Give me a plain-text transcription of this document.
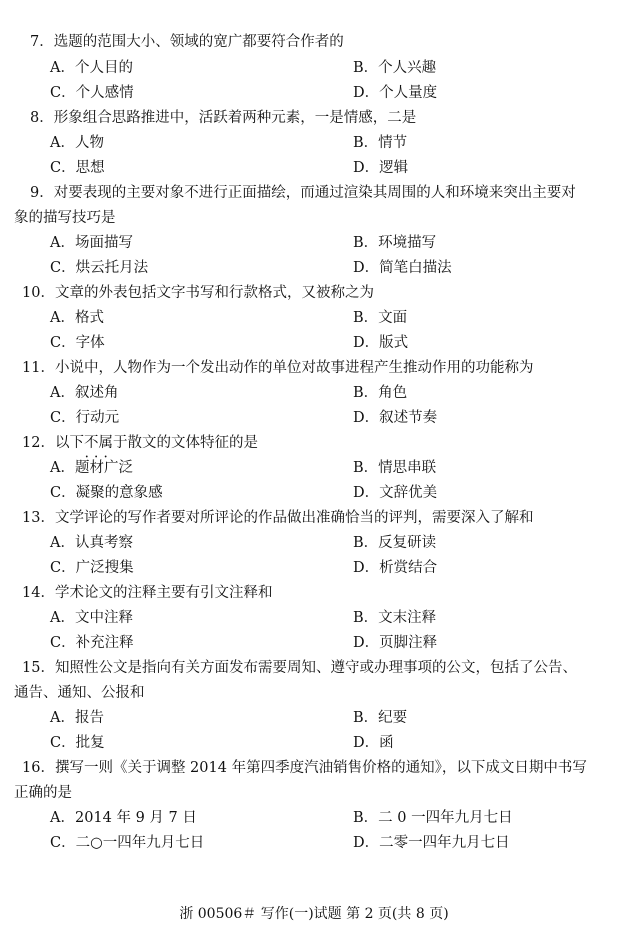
7．选题的范围大小、领域的宽广都要符合作者的
A．个人目的	B．个人兴趣
C．个人感情	D．个人量度
8．形象组合思路推进中，活跃着两种元素，一是情感，二是
A．人物	B．情节
C．思想	D．逻辑
9．对要表现的主要对象不进行正面描绘，而通过渲染其周围的人和环境来突出主要对
象的描写技巧是
A．场面描写	B．环境描写
C．烘云托月法	D．简笔白描法
10．文章的外表包括文字书写和行款格式，又被称之为
A．格式	B．文面
C．字体	D．版式
11．小说中，人物作为一个发出动作的单位对故事进程产生推动作用的功能称为
A．叙述角	B．角色
C．行动元	D．叙述节奏
12．以下不属于 • • •散文的文体特征的是
A．题材广泛	B．情思串联
C．凝聚的意象感	D．文辞优美
13．文学评论的写作者要对所评论的作品做出准确恰当的评判，需要深入了解和
A．认真考察	B．反复研读
C．广泛搜集	D．析赏结合
14．学术论文的注释主要有引文注释和
A．文中注释	B．文末注释
C．补充注释	D．页脚注释
15．知照性公文是指向有关方面发布需要周知、遵守或办理事项的公文，包括了公告、
通告、通知、公报和
A．报告	B．纪要
C．批复	D．函
16．撰写一则《关于调整 2014 年第四季度汽油销售价格的通知》，以下成文日期中书写
正确的是
A．2014 年 9 月 7 日	B．二 0 一四年九月七日
C．二○一四年九月七日	D．二零一四年九月七日
浙 00506＃ 写作(一)试题 第 2 页(共 8 页)
